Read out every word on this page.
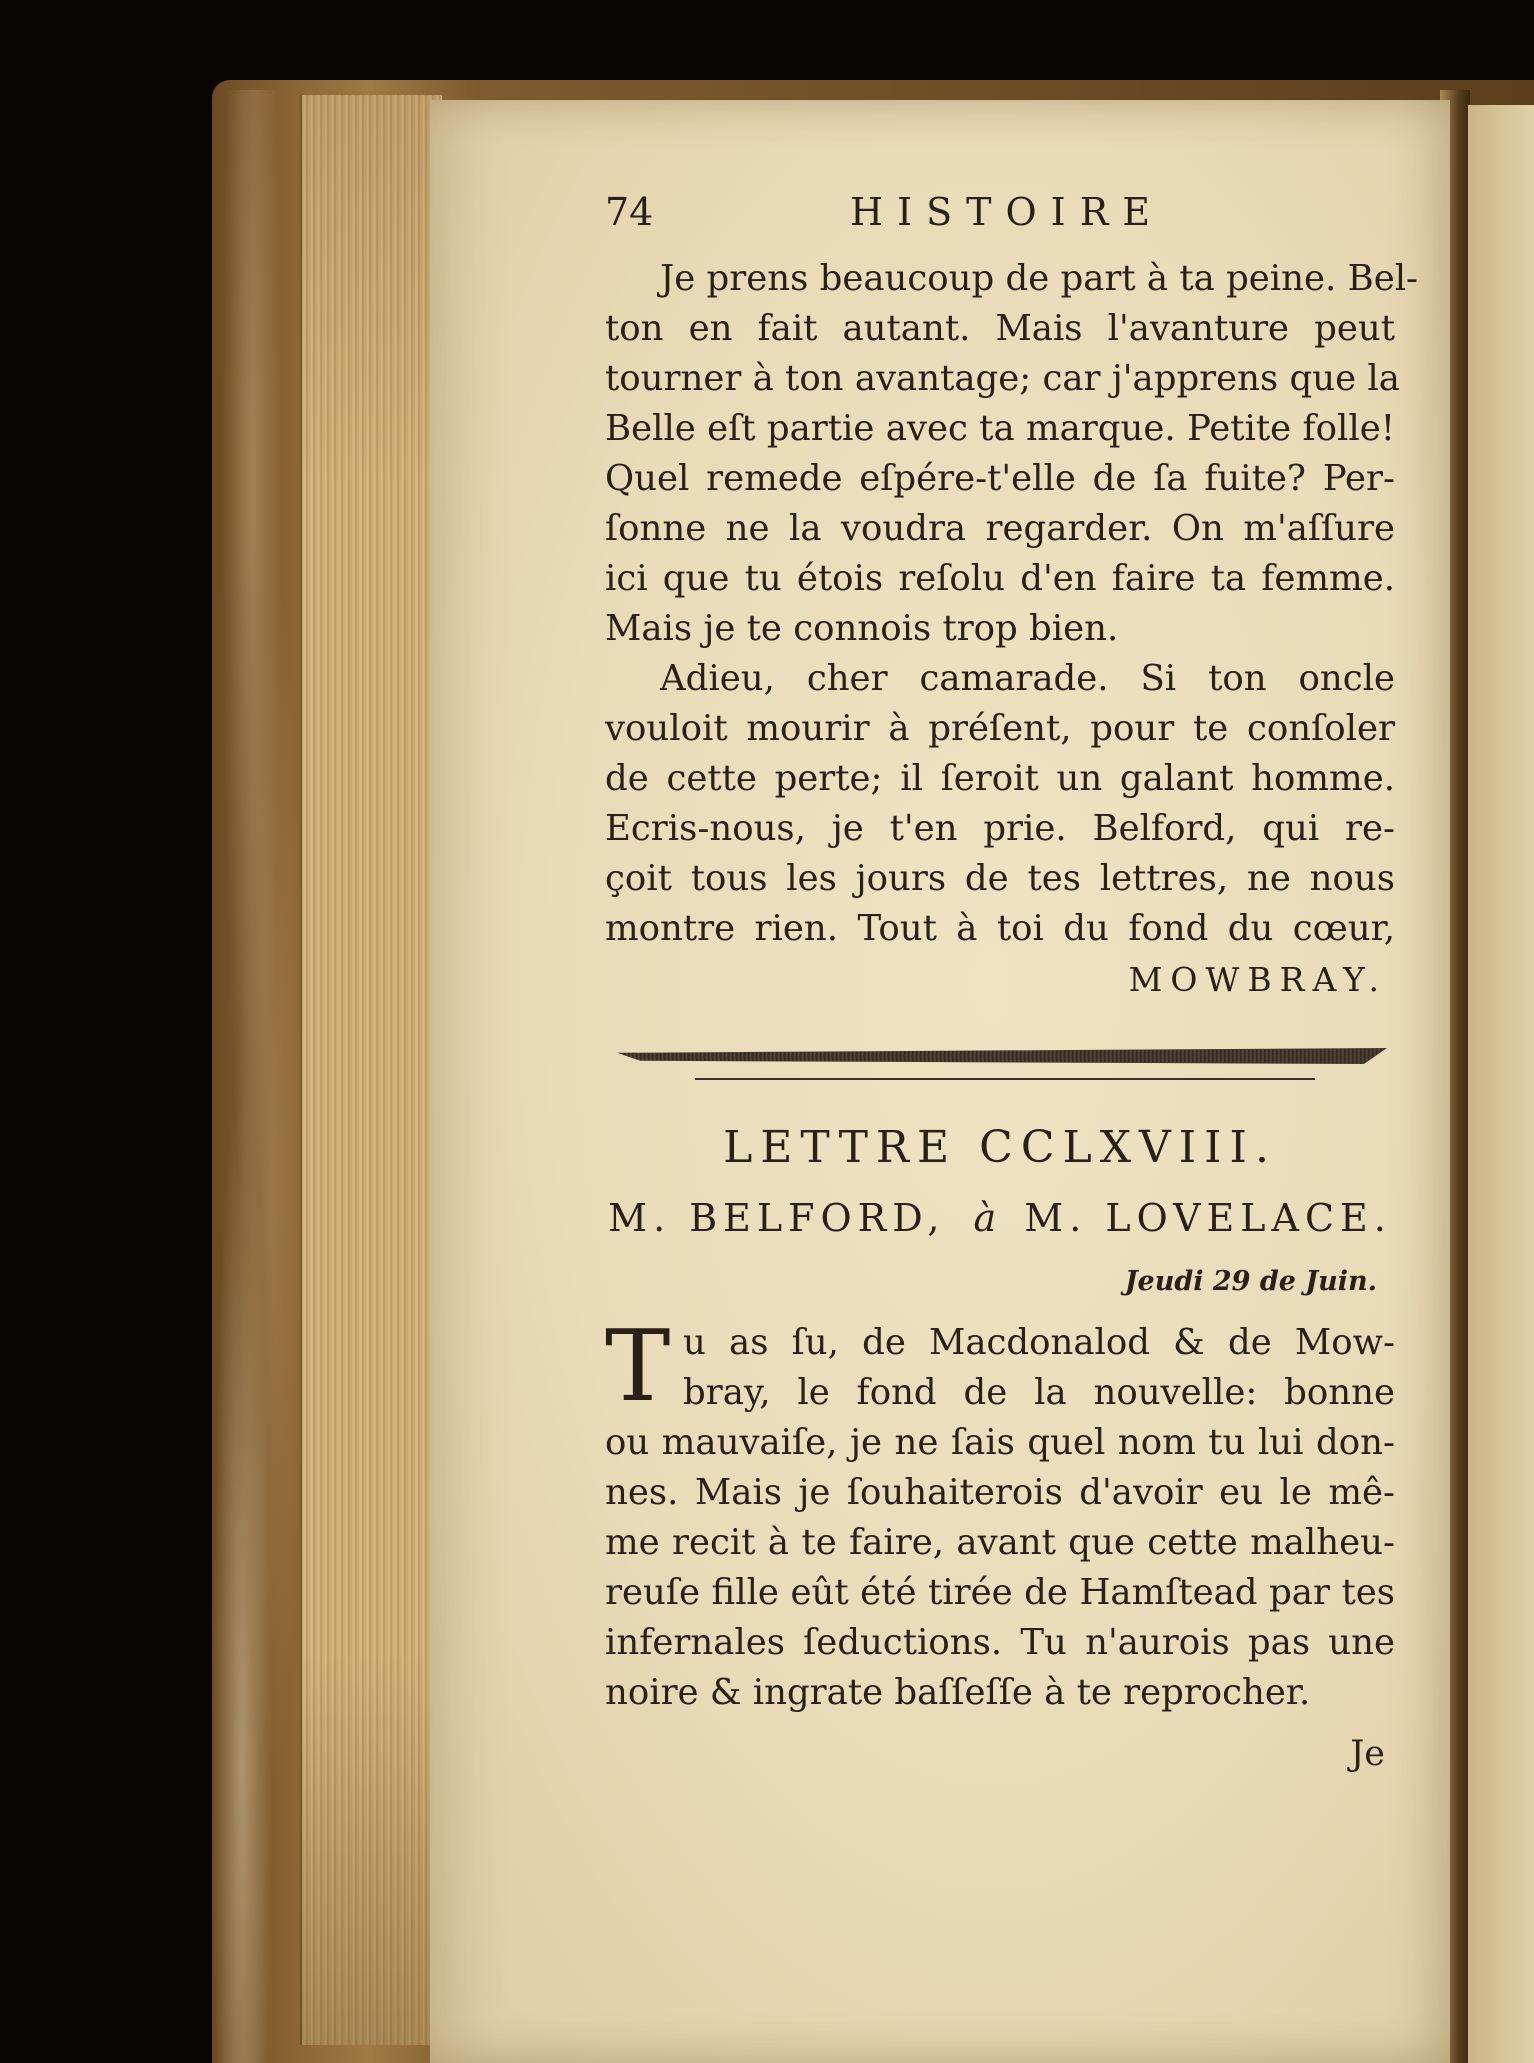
74	HISTOIRE
Je prens beaucoup de part à ta peine. Bel-
ton en fait autant. Mais l'avanture peut
tourner à ton avantage; car j'apprens que la
Belle eſt partie avec ta marque. Petite folle!
Quel remede eſpére-t'elle de ſa fuite? Per-
ſonne ne la voudra regarder. On m'aſſure
ici que tu étois reſolu d'en faire ta femme.
Mais je te connois trop bien.
Adieu, cher camarade. Si ton oncle
vouloit mourir à préſent, pour te conſoler
de cette perte; il ſeroit un galant homme.
Ecris-nous, je t'en prie. Belford, qui re-
çoit tous les jours de tes lettres, ne nous
montre rien. Tout à toi du fond du cœur,
MOWBRAY.
LETTRE CCLXVIII.
M. BELFORD, à M. LOVELACE.
Jeudi 29 de Juin.
T u as ſu, de Macdonalod & de Mow-
bray, le fond de la nouvelle: bonne
ou mauvaiſe, je ne ſais quel nom tu lui don-
nes. Mais je ſouhaiterois d'avoir eu le mê-
me recit à te faire, avant que cette malheu-
reuſe fille eût été tirée de Hamſtead par tes
infernales ſeductions. Tu n'aurois pas une
noire & ingrate baſſeſſe à te reprocher.
Je
